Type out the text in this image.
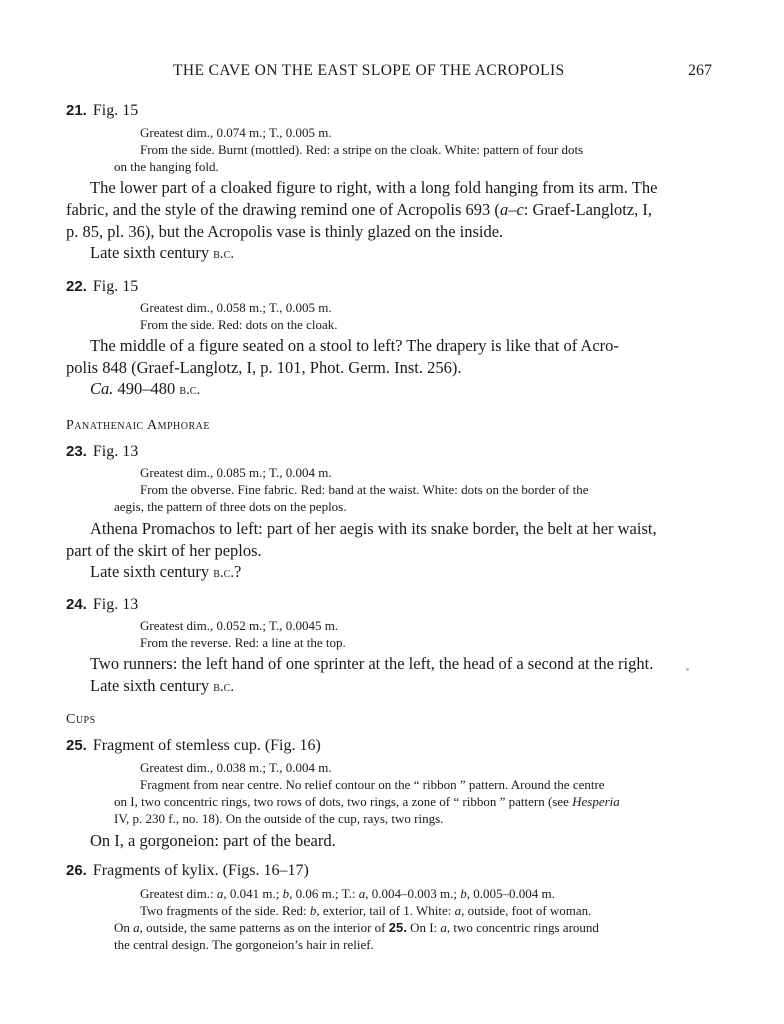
THE CAVE ON THE EAST SLOPE OF THE ACROPOLIS	267
21. Fig. 15

Greatest dim., 0.074 m.; T., 0.005 m.

From the side. Burnt (mottled). Red: a stripe on the cloak. White: pattern of four dots

on the hanging fold.

The lower part of a cloaked figure to right, with a long fold hanging from its arm. The

fabric, and the style of the drawing remind one of Acropolis 693 (a–c: Graef-Langlotz, I,

p. 85, pl. 36), but the Acropolis vase is thinly glazed on the inside.

Late sixth century b.c.
22. Fig. 15

Greatest dim., 0.058 m.; T., 0.005 m.

From the side. Red: dots on the cloak.

The middle of a figure seated on a stool to left? The drapery is like that of Acro-

polis 848 (Graef-Langlotz, I, p. 101, Phot. Germ. Inst. 256).

Ca. 490–480 b.c.
Panathenaic Amphorae
23. Fig. 13

Greatest dim., 0.085 m.; T., 0.004 m.

From the obverse. Fine fabric. Red: band at the waist. White: dots on the border of the

aegis, the pattern of three dots on the peplos.

Athena Promachos to left: part of her aegis with its snake border, the belt at her waist,

part of the skirt of her peplos.

Late sixth century b.c.?
24. Fig. 13

Greatest dim., 0.052 m.; T., 0.0045 m.

From the reverse. Red: a line at the top.

Two runners: the left hand of one sprinter at the left, the head of a second at the right.

Late sixth century b.c.
Cups
25. Fragment of stemless cup. (Fig. 16)

Greatest dim., 0.038 m.; T., 0.004 m.

Fragment from near centre. No relief contour on the “ ribbon ” pattern. Around the centre

on I, two concentric rings, two rows of dots, two rings, a zone of “ ribbon ” pattern (see Hesperia

IV, p. 230 f., no. 18). On the outside of the cup, rays, two rings.

On I, a gorgoneion: part of the beard.

26. Fragments of kylix. (Figs. 16–17)

Greatest dim.: a, 0.041 m.; b, 0.06 m.; T.: a, 0.004–0.003 m.; b, 0.005–0.004 m.

Two fragments of the side. Red: b, exterior, tail of 1. White: a, outside, foot of woman.

On a, outside, the same patterns as on the interior of 25. On I: a, two concentric rings around

the central design. The gorgoneion’s hair in relief.
